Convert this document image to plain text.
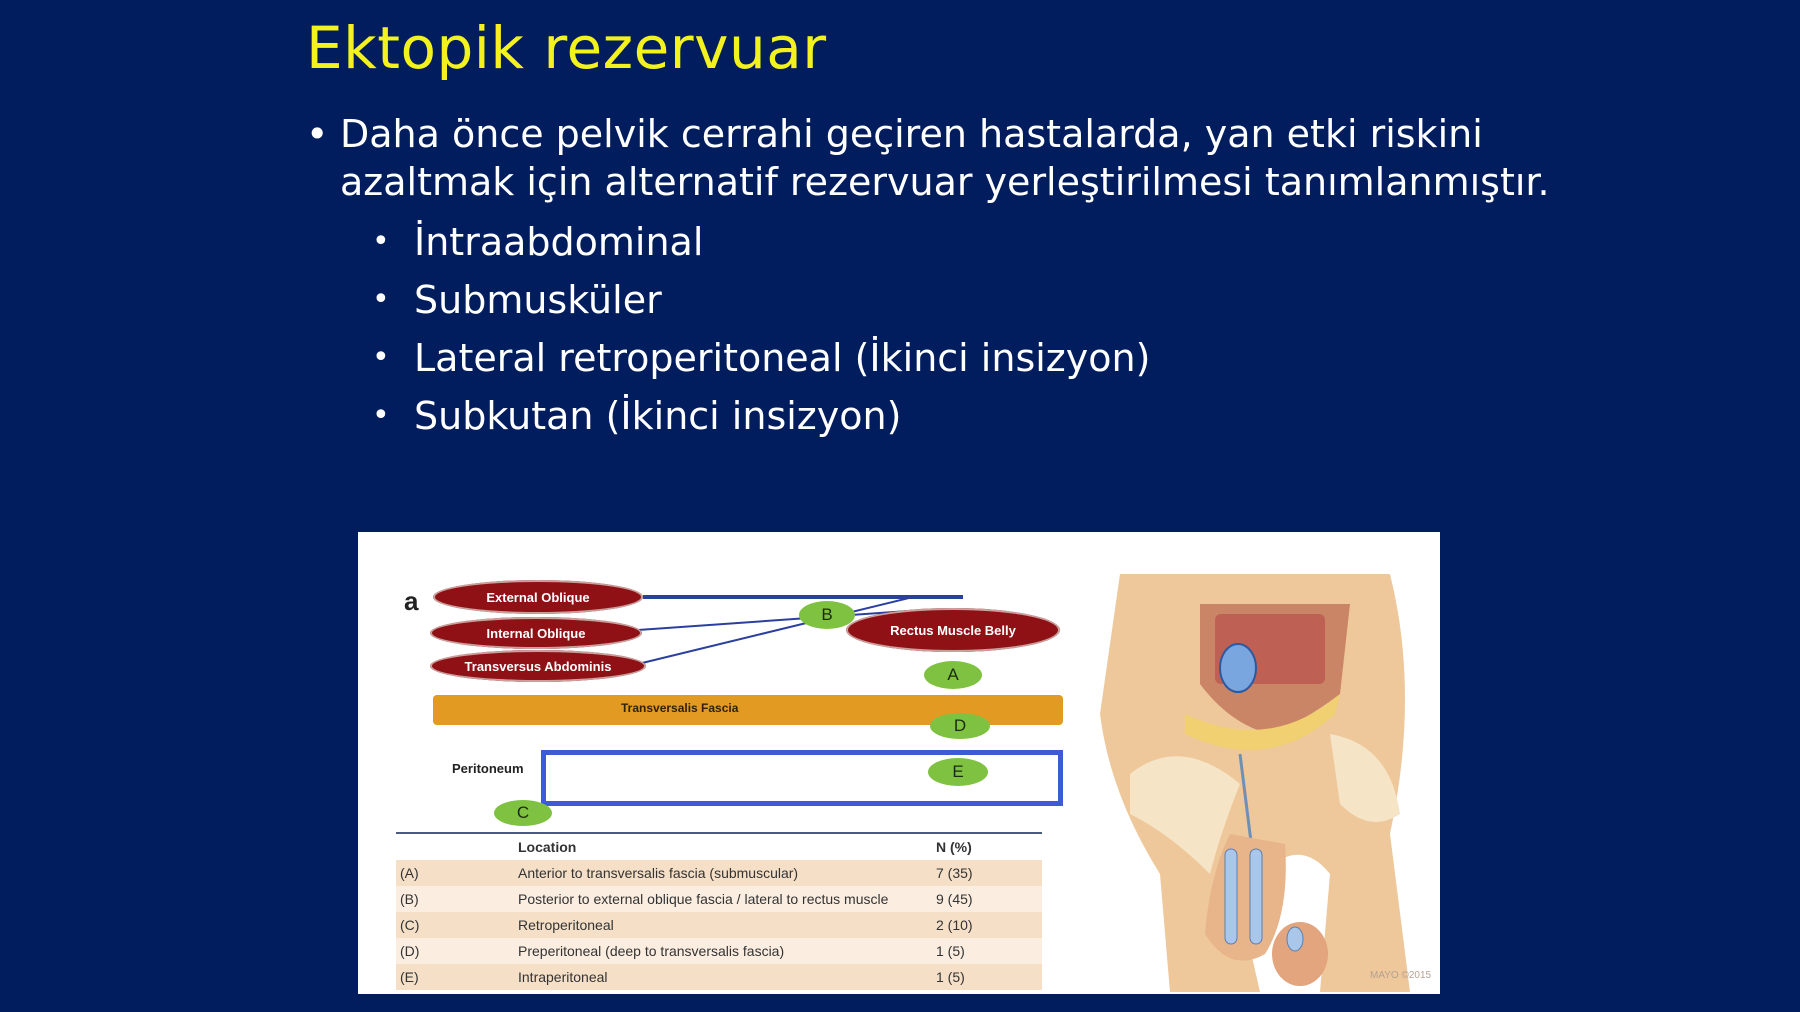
Ektopik rezervuar
• Daha önce pelvik cerrahi geçiren hastalarda, yan etki riskini azaltmak için alternatif rezervuar yerleştirilmesi tanımlanmıştır.
• İntraabdominal
• Submusküler
• Lateral retroperitoneal (İkinci insizyon)
• Subkutan (İkinci insizyon)
a	External Oblique
Internal Oblique
Transversus Abdominis
Rectus Muscle Belly
B
A
Transversalis Fascia
D
Peritoneum	E
C
	Location	N (%)
(A)	Anterior to transversalis fascia (submuscular)	7 (35)
(B)	Posterior to external oblique fascia / lateral to rectus muscle	9 (45)
(C)	Retroperitoneal	2 (10)
(D)	Preperitoneal (deep to transversalis fascia)	1 (5)
(E)	Intraperitoneal	1 (5)	MAYO ©2015
